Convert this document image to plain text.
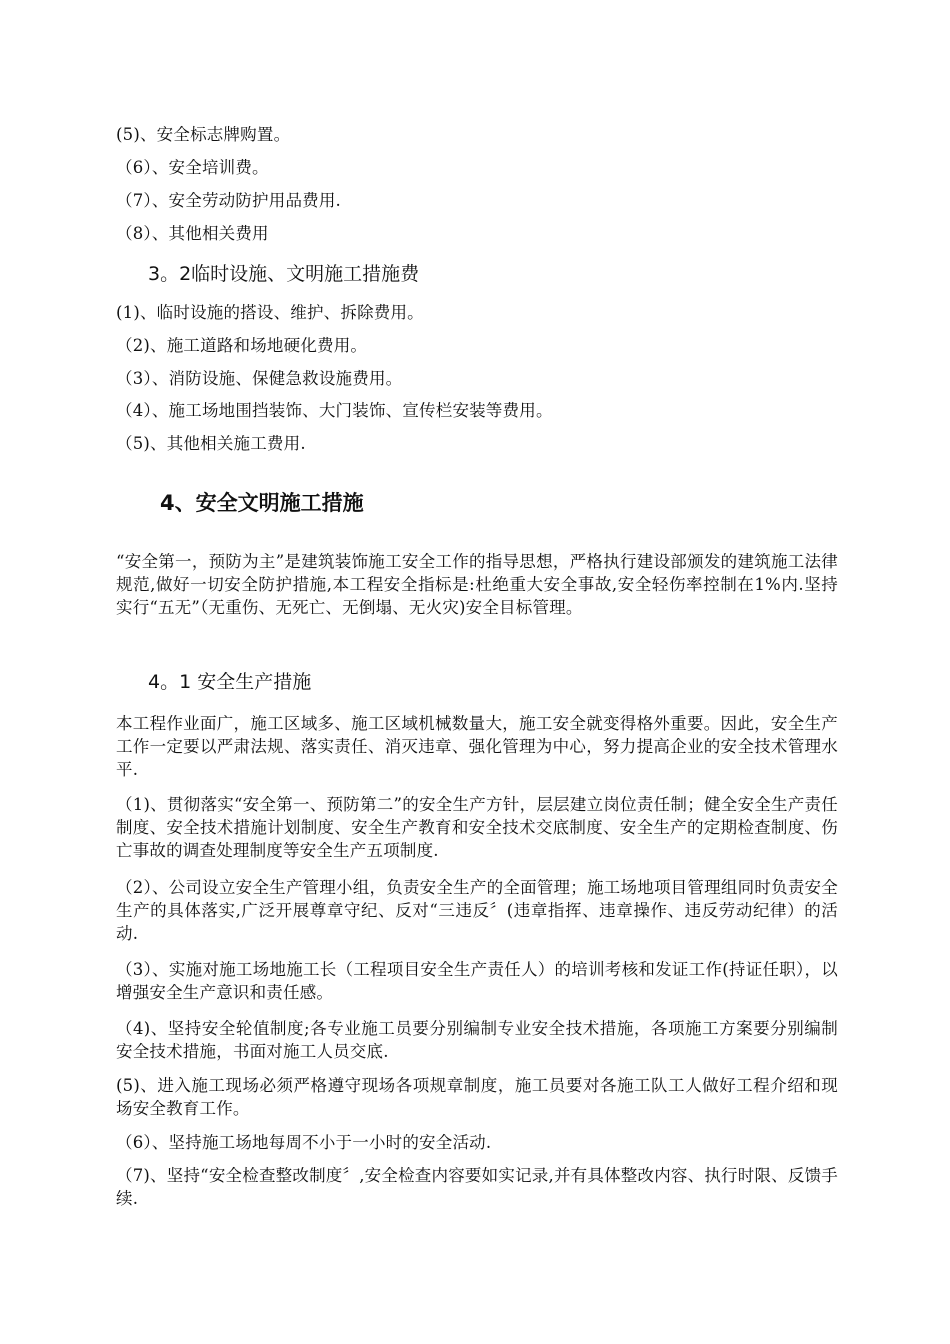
(5)、安全标志牌购置。
（6）、安全培训费。
（7）、安全劳动防护用品费用.
（8）、其他相关费用
3。2临时设施、文明施工措施费
(1)、临时设施的搭设、维护、拆除费用。
（2)、施工道路和场地硬化费用。
（3）、消防设施、保健急救设施费用。
（4）、施工场地围挡装饰、大门装饰、宣传栏安装等费用。
（5)、其他相关施工费用.
4、安全文明施工措施
“安全第一，预防为主”是建筑装饰施工安全工作的指导思想，严格执行建设部颁发的建筑施工法律规范,做好一切安全防护措施,本工程安全指标是:杜绝重大安全事故,安全轻伤率控制在1%内.坚持实行“五无”（无重伤、无死亡、无倒塌、无火灾)安全目标管理。
4。1 安全生产措施
本工程作业面广，施工区域多、施工区域机械数量大，施工安全就变得格外重要。因此，安全生产工作一定要以严肃法规、落实责任、消灭违章、强化管理为中心，努力提高企业的安全技术管理水平.
（1)、贯彻落实“安全第一、预防第二”的安全生产方针，层层建立岗位责任制；健全安全生产责任制度、安全技术措施计划制度、安全生产教育和安全技术交底制度、安全生产的定期检查制度、伤亡事故的调查处理制度等安全生产五项制度.
（2）、公司设立安全生产管理小组，负责安全生产的全面管理；施工场地项目管理组同时负责安全生产的具体落实,广泛开展尊章守纪、反对“三违反〞(违章指挥、违章操作、违反劳动纪律）的活动.
（3）、实施对施工场地施工长（工程项目安全生产责任人）的培训考核和发证工作(持证任职），以增强安全生产意识和责任感。
（4)、坚持安全轮值制度;各专业施工员要分别编制专业安全技术措施，各项施工方案要分别编制安全技术措施，书面对施工人员交底.
(5)、进入施工现场必须严格遵守现场各项规章制度，施工员要对各施工队工人做好工程介绍和现场安全教育工作。
（6）、坚持施工场地每周不小于一小时的安全活动.
（7)、坚持“安全检查整改制度〞,安全检查内容要如实记录,并有具体整改内容、执行时限、反馈手续.
